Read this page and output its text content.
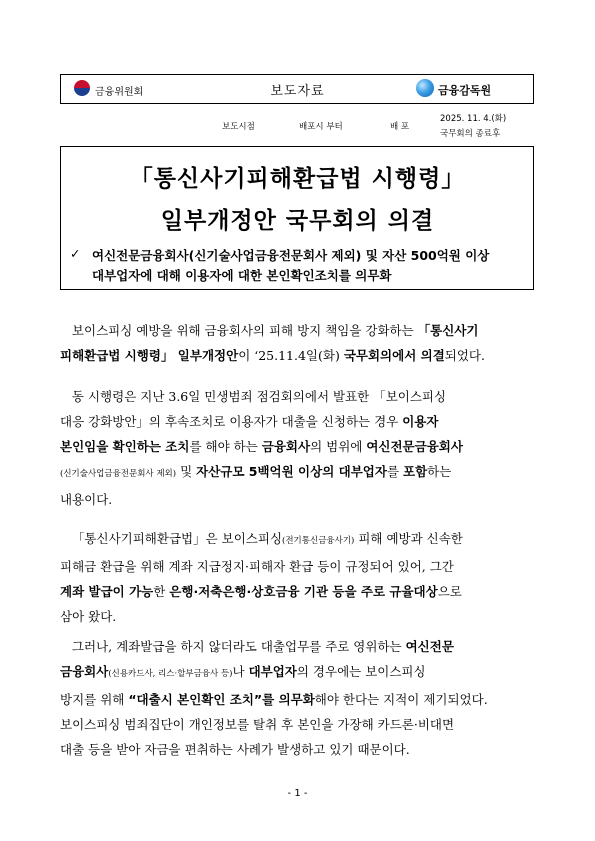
금융위원회	보도자료	금융감독원
보도시점	배포시 부터	배 포
2025. 11. 4.(화)
국무회의 종료후
「통신사기피해환급법 시행령」
일부개정안 국무회의 의결
✓ 여신전문금융회사(신기술사업금융전문회사 제외) 및 자산 500억원 이상
대부업자에 대해 이용자에 대한 본인확인조치를 의무화
보이스피싱 예방을 위해 금융회사의 피해 방지 책임을 강화하는 「통신사기
피해환급법 시행령」 일부개정안이 ‘25.11.4일(화) 국무회의에서 의결되었다.
동 시행령은 지난 3.6일 민생범죄 점검회의에서 발표한 「보이스피싱
대응 강화방안」의 후속조치로 이용자가 대출을 신청하는 경우 이용자
본인임을 확인하는 조치를 해야 하는 금융회사의 범위에 여신전문금융회사
(신기술사업금융전문회사 제외) 및 자산규모 5백억원 이상의 대부업자를 포함하는
내용이다.
「통신사기피해환급법」은 보이스피싱(전기통신금융사기) 피해 예방과 신속한
피해금 환급을 위해 계좌 지급정지·피해자 환급 등이 규정되어 있어, 그간
계좌 발급이 가능한 은행·저축은행·상호금융 기관 등을 주로 규율대상으로
삼아 왔다.
그러나, 계좌발급을 하지 않더라도 대출업무를 주로 영위하는 여신전문
금융회사(신용카드사, 리스·할부금융사 등)나 대부업자의 경우에는 보이스피싱
방지를 위해 “대출시 본인확인 조치”를 의무화해야 한다는 지적이 제기되었다.
보이스피싱 범죄집단이 개인정보를 탈취 후 본인을 가장해 카드론·비대면
대출 등을 받아 자금을 편취하는 사례가 발생하고 있기 때문이다.
- 1 -
